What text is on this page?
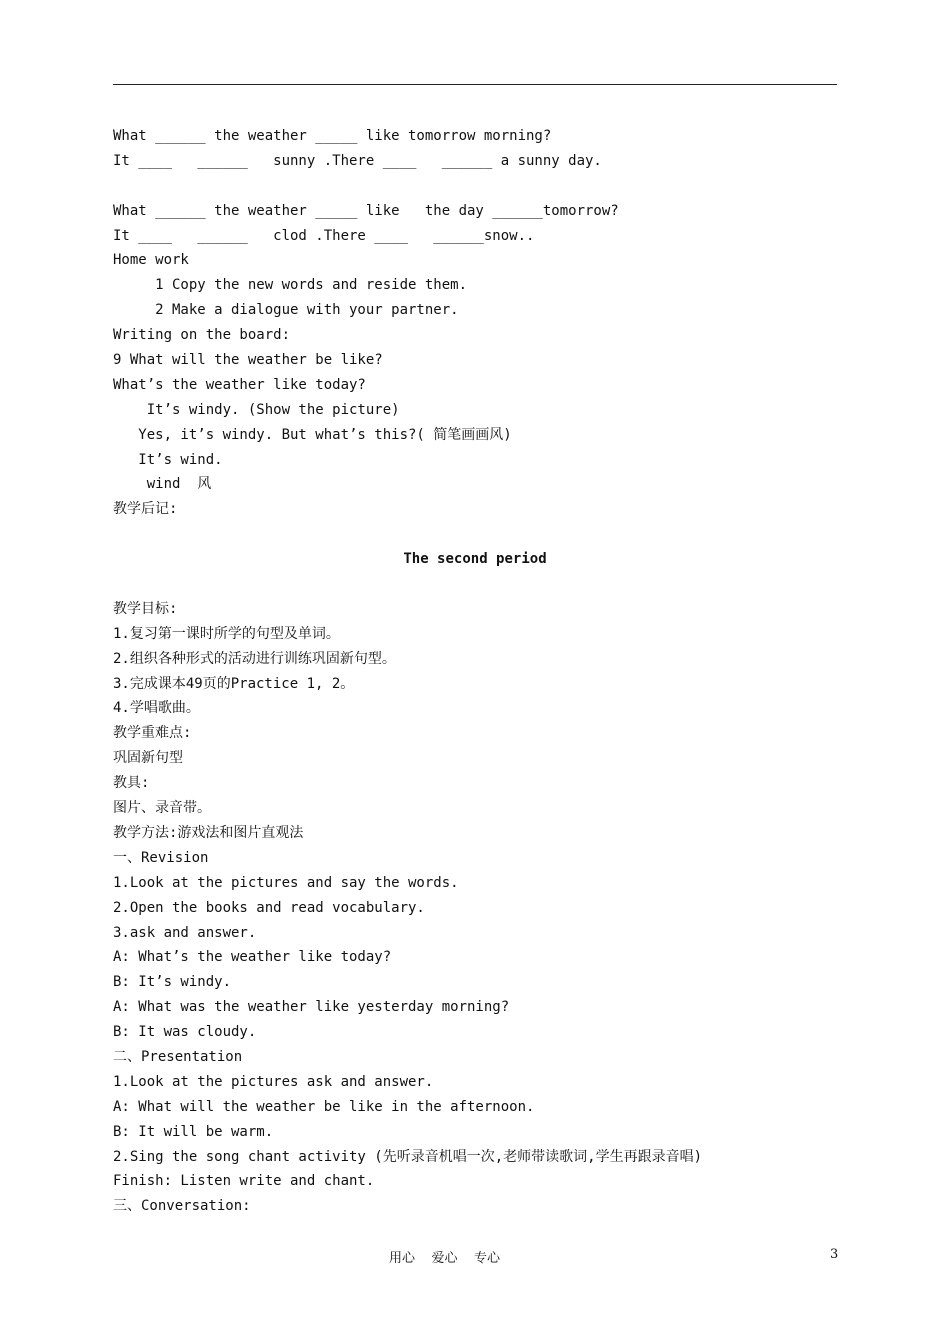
What ______ the weather _____ like tomorrow morning?
It ____   ______   sunny .There ____   ______ a sunny day.
What ______ the weather _____ like   the day ______tomorrow?
It ____   ______   clod .There ____   ______snow..
Home work
1 Copy the new words and reside them.
2 Make a dialogue with your partner.
Writing on the board:
9 What will the weather be like?
What’s the weather like today?
It’s windy. (Show the picture)
Yes, it’s windy. But what’s this?( 简笔画画风)
It’s wind.
wind  风
教学后记:
The second period
教学目标:
1.复习第一课时所学的句型及单词。
2.组织各种形式的活动进行训练巩固新句型。
3.完成课本49页的Practice 1, 2。
4.学唱歌曲。
教学重难点:
巩固新句型
教具:
图片、录音带。
教学方法:游戏法和图片直观法
一、Revision
1.Look at the pictures and say the words.
2.Open the books and read vocabulary.
3.ask and answer.
A: What’s the weather like today?
B: It’s windy.
A: What was the weather like yesterday morning?
B: It was cloudy.
二、Presentation
1.Look at the pictures ask and answer.
A: What will the weather be like in the afternoon.
B: It will be warm.
2.Sing the song chant activity (先听录音机唱一次,老师带读歌词,学生再跟录音唱)
Finish: Listen write and chant.
三、Conversation:
用心    爱心    专心	3
